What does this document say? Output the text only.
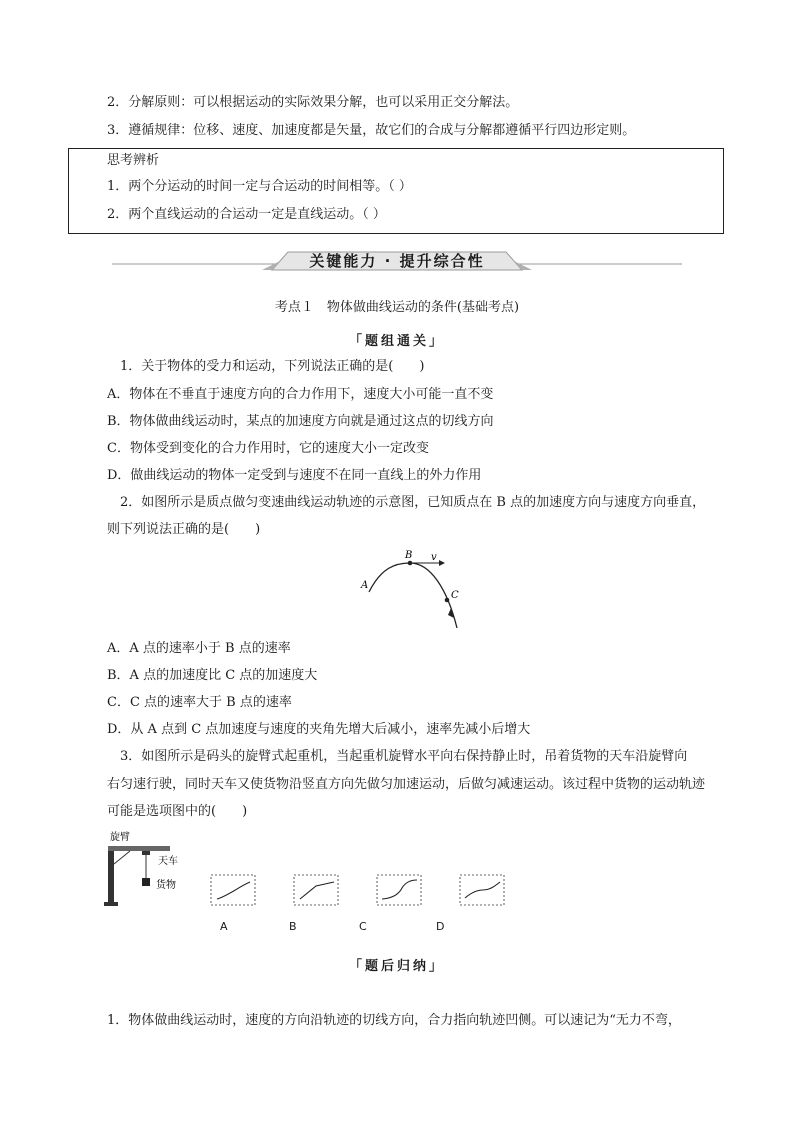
2．分解原则：可以根据运动的实际效果分解，也可以采用正交分解法。
3．遵循规律：位移、速度、加速度都是矢量，故它们的合成与分解都遵循平行四边形定则。
思考辨析
1．两个分运动的时间一定与合运动的时间相等。（ ）
2．两个直线运动的合运动一定是直线运动。（ ）
关键能力 · 提升综合性
考点１　物体做曲线运动的条件(基础考点)
「题组通关」
1．关于物体的受力和运动，下列说法正确的是(　　)
A．物体在不垂直于速度方向的合力作用下，速度大小可能一直不变
B．物体做曲线运动时，某点的加速度方向就是通过这点的切线方向
C．物体受到变化的合力作用时，它的速度大小一定改变
D．做曲线运动的物体一定受到与速度不在同一直线上的外力作用
2．如图所示是质点做匀变速曲线运动轨迹的示意图，已知质点在 B 点的加速度方向与速度方向垂直，
则下列说法正确的是(　　)
A
B
C
v
A．A 点的速率小于 B 点的速率
B．A 点的加速度比 C 点的加速度大
C．C 点的速率大于 B 点的速率
D．从 A 点到 C 点加速度与速度的夹角先增大后减小，速率先减小后增大
3．如图所示是码头的旋臂式起重机，当起重机旋臂水平向右保持静止时，吊着货物的天车沿旋臂向
右匀速行驶，同时天车又使货物沿竖直方向先做匀加速运动，后做匀减速运动。该过程中货物的运动轨迹
可能是选项图中的(　　)
旋臂
天车
货物
A	B	C	D
「题后归纳」
1．物体做曲线运动时，速度的方向沿轨迹的切线方向，合力指向轨迹凹侧。可以速记为“无力不弯，
